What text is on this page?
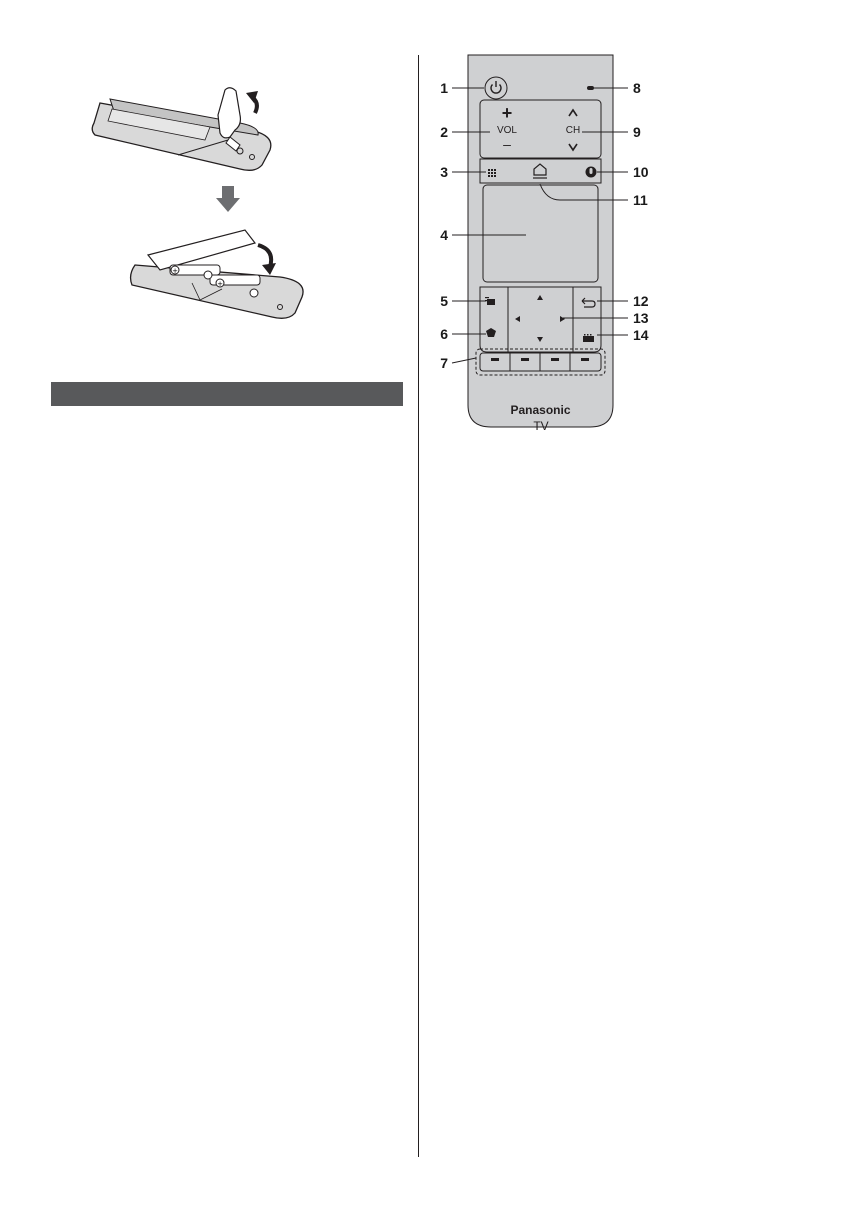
+
+
+
VOL
–
CH
Panasonic
TV
1
2
3
4
5
6
7
8
9
10
11
12
13
14
